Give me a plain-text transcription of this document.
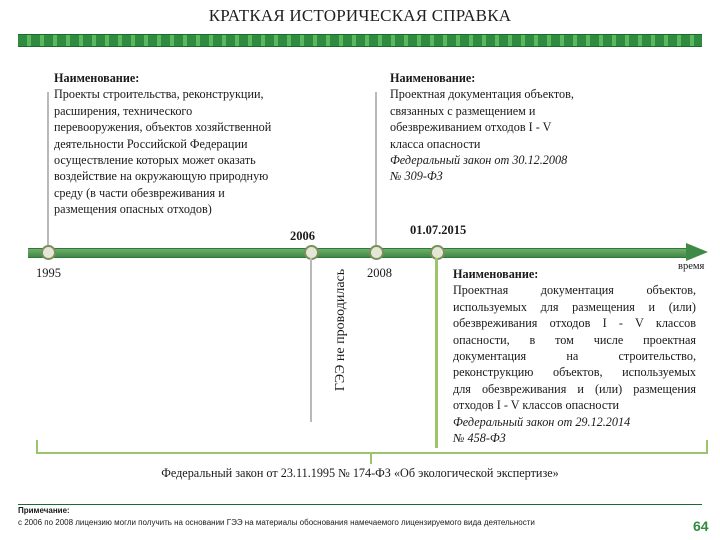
КРАТКАЯ ИСТОРИЧЕСКАЯ СПРАВКА
Наименование:
Проекты строительства, реконструкции,
расширения, технического
перевооружения, объектов хозяйственной
деятельности Российской Федерации
осуществление которых может оказать
воздействие на окружающую природную
среду (в части обезвреживания и
размещения опасных отходов)
Наименование:
Проектная документация объектов,
связанных с размещением и
обезвреживанием отходов I - V
класса опасности
Федеральный закон от 30.12.2008
№ 309-ФЗ
1995
2006
2008
01.07.2015
ГЭЭ не проводилась
время
Наименование:
Проектная документация объектов,
используемых для размещения и (или)
обезвреживания отходов I - V классов
опасности, в том числе проектная
документация на строительство,
реконструкцию объектов, используемых
для обезвреживания и (или) размещения
отходов I - V классов опасности
Федеральный закон от 29.12.2014
№ 458-ФЗ
Федеральный закон от 23.11.1995 № 174-ФЗ «Об экологической экспертизе»
Примечание:
с 2006 по 2008 лицензию могли получить на основании ГЭЭ на материалы обоснования намечаемого лицензируемого вида деятельности	64
